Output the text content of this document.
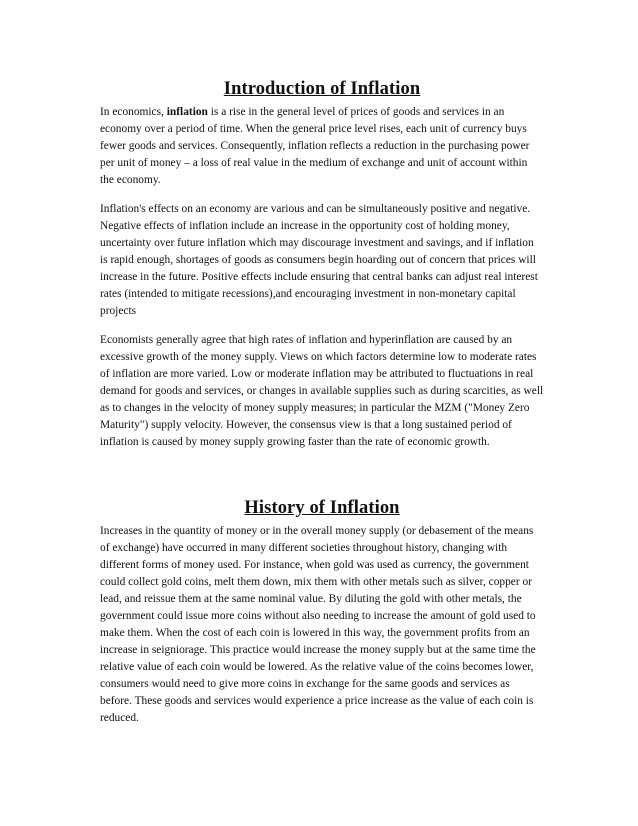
Introduction of Inflation

In economics, inflation is a rise in the general level of prices of goods and services in an economy over a period of time. When the general price level rises, each unit of currency buys fewer goods and services. Consequently, inflation reflects a reduction in the purchasing power per unit of money – a loss of real value in the medium of exchange and unit of account within the economy.

Inflation's effects on an economy are various and can be simultaneously positive and negative. Negative effects of inflation include an increase in the opportunity cost of holding money, uncertainty over future inflation which may discourage investment and savings, and if inflation is rapid enough, shortages of goods as consumers begin hoarding out of concern that prices will increase in the future. Positive effects include ensuring that central banks can adjust real interest rates (intended to mitigate recessions),and encouraging investment in non-monetary capital projects

Economists generally agree that high rates of inflation and hyperinflation are caused by an excessive growth of the money supply. Views on which factors determine low to moderate rates of inflation are more varied. Low or moderate inflation may be attributed to fluctuations in real demand for goods and services, or changes in available supplies such as during scarcities, as well as to changes in the velocity of money supply measures; in particular the MZM ("Money Zero Maturity") supply velocity. However, the consensus view is that a long sustained period of inflation is caused by money supply growing faster than the rate of economic growth.

History of Inflation

Increases in the quantity of money or in the overall money supply (or debasement of the means of exchange) have occurred in many different societies throughout history, changing with different forms of money used. For instance, when gold was used as currency, the government could collect gold coins, melt them down, mix them with other metals such as silver, copper or lead, and reissue them at the same nominal value. By diluting the gold with other metals, the government could issue more coins without also needing to increase the amount of gold used to make them. When the cost of each coin is lowered in this way, the government profits from an increase in seigniorage. This practice would increase the money supply but at the same time the relative value of each coin would be lowered. As the relative value of the coins becomes lower, consumers would need to give more coins in exchange for the same goods and services as before. These goods and services would experience a price increase as the value of each coin is reduced.
